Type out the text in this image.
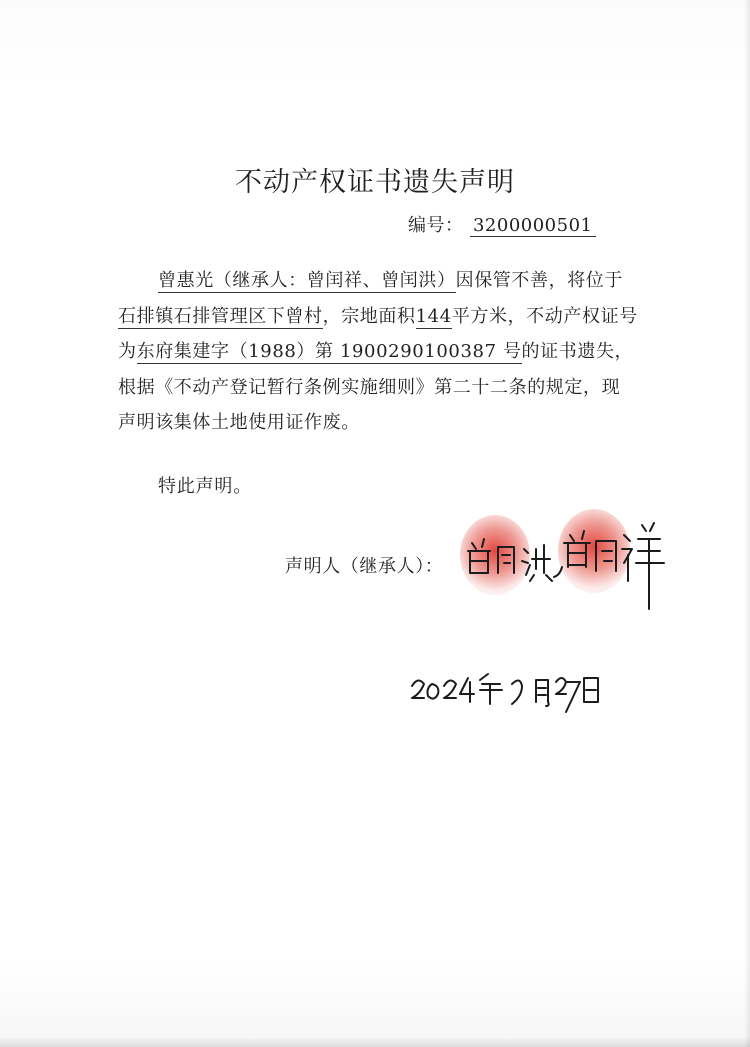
不动产权证书遗失声明
编号： 3200000501

曾惠光（继承人：曾闰祥、曾闰洪）因保管不善，将位于石排镇石排管理区下曾村，宗地面积144平方米，不动产权证号为东府集建字（1988）第 1900290100387 号的证书遗失，根据《不动产登记暂行条例实施细则》第二十二条的规定，现声明该集体土地使用证作废。

特此声明。
声明人（继承人）：
